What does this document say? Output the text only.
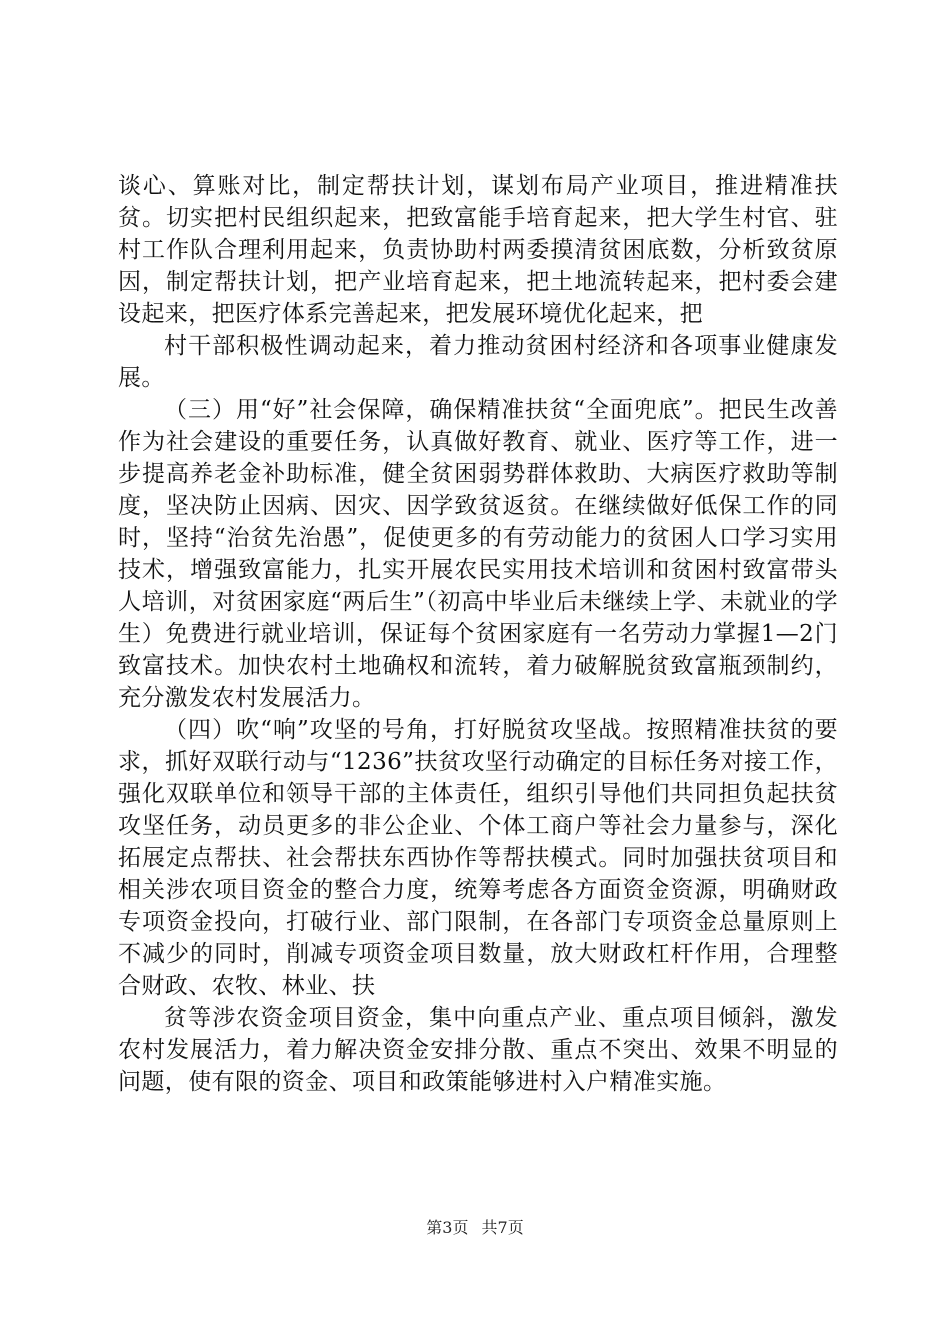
谈心、算账对比，制定帮扶计划，谋划布局产业项目，推进精准扶贫。切实把村民组织起来，把致富能手培育起来，把大学生村官、驻村工作队合理利用起来，负责协助村两委摸清贫困底数，分析致贫原因，制定帮扶计划，把产业培育起来，把土地流转起来，把村委会建设起来，把医疗体系完善起来，把发展环境优化起来，把

村干部积极性调动起来，着力推动贫困村经济和各项事业健康发展。

（三）用“好”社会保障，确保精准扶贫“全面兜底”。把民生改善作为社会建设的重要任务，认真做好教育、就业、医疗等工作，进一步提高养老金补助标准，健全贫困弱势群体救助、大病医疗救助等制度，坚决防止因病、因灾、因学致贫返贫。在继续做好低保工作的同时，坚持“治贫先治愚”，促使更多的有劳动能力的贫困人口学习实用技术，增强致富能力，扎实开展农民实用技术培训和贫困村致富带头人培训，对贫困家庭“两后生”（初高中毕业后未继续上学、未就业的学生）免费进行就业培训，保证每个贫困家庭有一名劳动力掌握1—2门致富技术。加快农村土地确权和流转，着力破解脱贫致富瓶颈制约，充分激发农村发展活力。

（四）吹“响”攻坚的号角，打好脱贫攻坚战。按照精准扶贫的要求，抓好双联行动与“1236”扶贫攻坚行动确定的目标任务对接工作，强化双联单位和领导干部的主体责任，组织引导他们共同担负起扶贫攻坚任务，动员更多的非公企业、个体工商户等社会力量参与，深化拓展定点帮扶、社会帮扶东西协作等帮扶模式。同时加强扶贫项目和相关涉农项目资金的整合力度，统筹考虑各方面资金资源，明确财政专项资金投向，打破行业、部门限制，在各部门专项资金总量原则上不减少的同时，削减专项资金项目数量，放大财政杠杆作用，合理整合财政、农牧、林业、扶

贫等涉农资金项目资金，集中向重点产业、重点项目倾斜，激发农村发展活力，着力解决资金安排分散、重点不突出、效果不明显的问题，使有限的资金、项目和政策能够进村入户精准实施。

第3页 共7页
